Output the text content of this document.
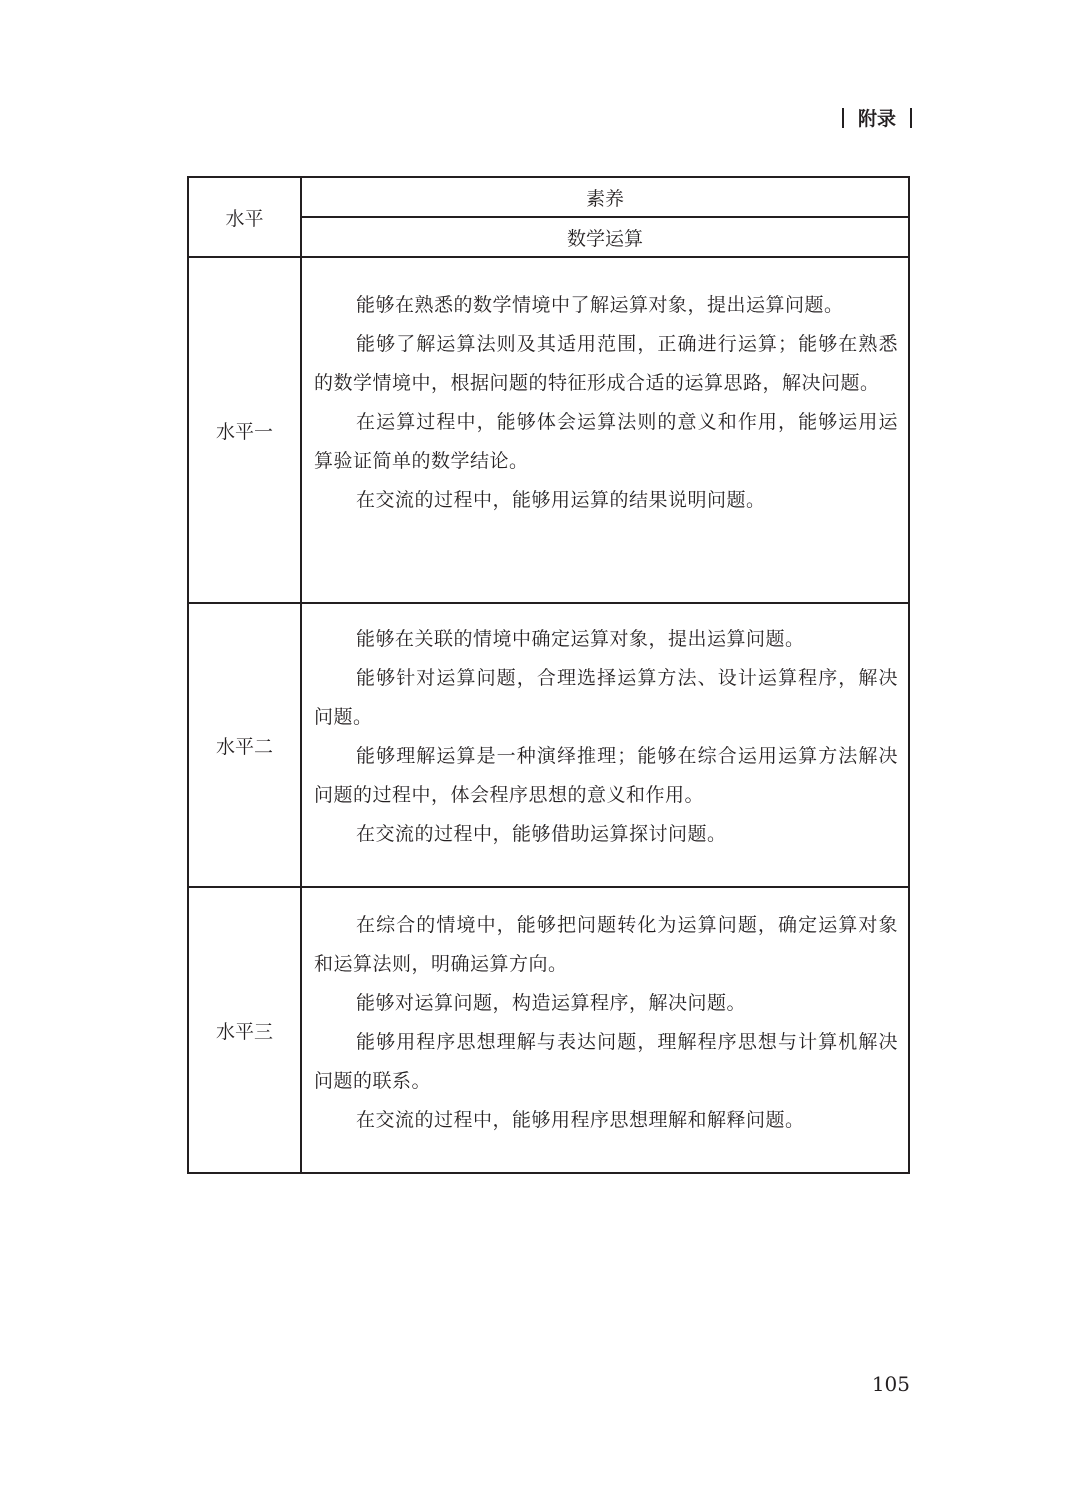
附录
水平	素养
	数学运算
水平一	能够在熟悉的数学情境中了解运算对象，提出运算问题。

能够了解运算法则及其适用范围，正确进行运算；能够在熟悉的数学情境中，根据问题的特征形成合适的运算思路，解决问题。

在运算过程中，能够体会运算法则的意义和作用，能够运用运算验证简单的数学结论。

在交流的过程中，能够用运算的结果说明问题。

水平二	能够在关联的情境中确定运算对象，提出运算问题。

能够针对运算问题，合理选择运算方法、设计运算程序，解决问题。

能够理解运算是一种演绎推理；能够在综合运用运算方法解决问题的过程中，体会程序思想的意义和作用。

在交流的过程中，能够借助运算探讨问题。

水平三	在综合的情境中，能够把问题转化为运算问题，确定运算对象和运算法则，明确运算方向。

能够对运算问题，构造运算程序，解决问题。

能够用程序思想理解与表达问题，理解程序思想与计算机解决问题的联系。

在交流的过程中，能够用程序思想理解和解释问题。

105
